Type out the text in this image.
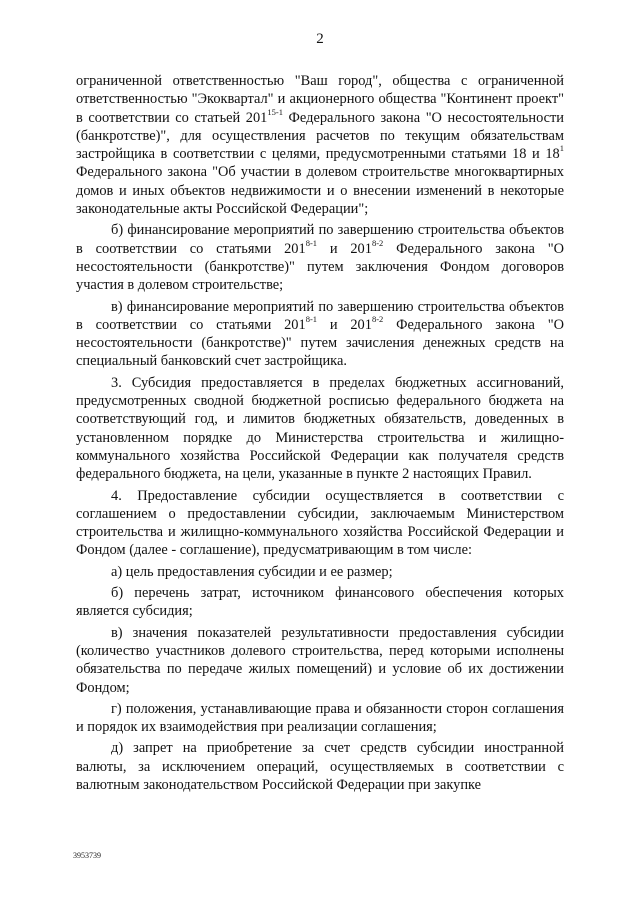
2

ограниченной ответственностью "Ваш город", общества с ограниченной ответственностью "Экоквартал" и акционерного общества "Континент проект" в соответствии со статьей 201$^{15-1}$ Федерального закона "О несостоятельности (банкротстве)", для осуществления расчетов по текущим обязательствам застройщика в соответствии с целями, предусмотренными статьями 18 и $18^1$ Федерального закона "Об участии в долевом строительстве многоквартирных домов и иных объектов недвижимости и о внесении изменений в некоторые законодательные акты Российской Федерации";

б) финансирование мероприятий по завершению строительства объектов в соответствии со статьями 201$^{8-1}$ и 201$^{8-2}$ Федерального закона "О несостоятельности (банкротстве)" путем заключения Фондом договоров участия в долевом строительстве;

в) финансирование мероприятий по завершению строительства объектов в соответствии со статьями 201$^{8-1}$ и 201$^{8-2}$ Федерального закона "О несостоятельности (банкротстве)" путем зачисления денежных средств на специальный банковский счет застройщика.

3. Субсидия предоставляется в пределах бюджетных ассигнований, предусмотренных сводной бюджетной росписью федерального бюджета на соответствующий год, и лимитов бюджетных обязательств, доведенных в установленном порядке до Министерства строительства и жилищно-коммунального хозяйства Российской Федерации как получателя средств федерального бюджета, на цели, указанные в пункте 2 настоящих Правил.

4. Предоставление субсидии осуществляется в соответствии с соглашением о предоставлении субсидии, заключаемым Министерством строительства и жилищно-коммунального хозяйства Российской Федерации и Фондом (далее - соглашение), предусматривающим в том числе:

а) цель предоставления субсидии и ее размер;

б) перечень затрат, источником финансового обеспечения которых является субсидия;

в) значения показателей результативности предоставления субсидии (количество участников долевого строительства, перед которыми исполнены обязательства по передаче жилых помещений) и условие об их достижении Фондом;

г) положения, устанавливающие права и обязанности сторон соглашения и порядок их взаимодействия при реализации соглашения;

д) запрет на приобретение за счет средств субсидии иностранной валюты, за исключением операций, осуществляемых в соответствии с валютным законодательством Российской Федерации при закупке

3953739
